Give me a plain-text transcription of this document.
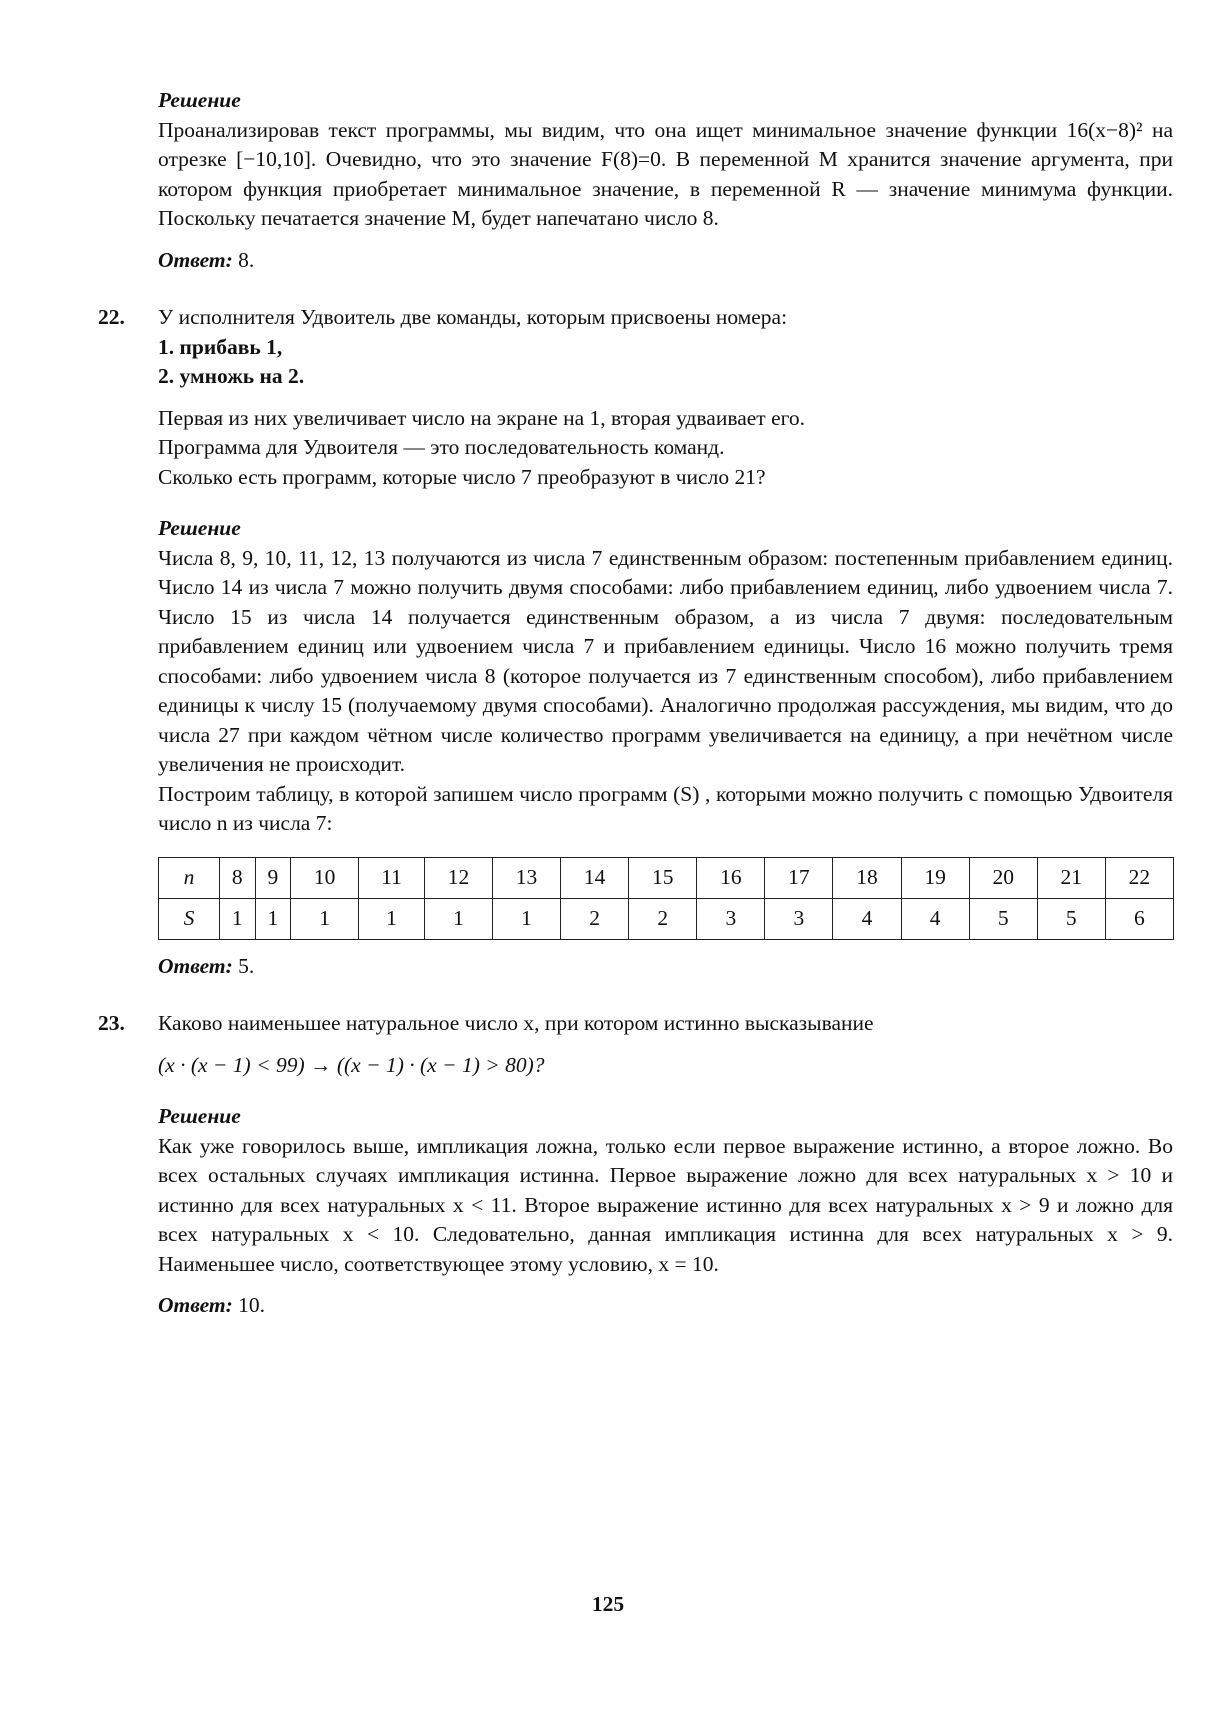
Решение

Проанализировав текст программы, мы видим, что она ищет минимальное значение функции 16(x−8)² на отрезке [−10,10]. Очевидно, что это значение F(8)=0. В переменной M хранится значение аргумента, при котором функция приобретает минимальное значение, в переменной R — значение минимума функции. Поскольку печатается значение M, будет напечатано число 8.

Ответ: 8.

22. У исполнителя Удвоитель две команды, которым присвоены номера:

1. прибавь 1,

2. умножь на 2.

Первая из них увеличивает число на экране на 1, вторая удваивает его.

Программа для Удвоителя — это последовательность команд.

Сколько есть программ, которые число 7 преобразуют в число 21?

Решение

Числа 8, 9, 10, 11, 12, 13 получаются из числа 7 единственным образом: постепенным прибавлением единиц. Число 14 из числа 7 можно получить двумя способами: либо прибавлением единиц, либо удвоением числа 7. Число 15 из числа 14 получается единственным образом, а из числа 7 двумя: последовательным прибавлением единиц или удвоением числа 7 и прибавлением единицы. Число 16 можно получить тремя способами: либо удвоением числа 8 (которое получается из 7 единственным способом), либо прибавлением единицы к числу 15 (получаемому двумя способами). Аналогично продолжая рассуждения, мы видим, что до числа 27 при каждом чётном числе количество программ увеличивается на единицу, а при нечётном числе увеличения не происходит.

Построим таблицу, в которой запишем число программ (S) , которыми можно получить с помощью Удвоителя число n из числа 7:

n	8	9	10	11	12	13	14	15	16	17	18	19	20	21	22
S	1	1	1	1	1	1	2	2	3	3	4	4	5	5	6

Ответ: 5.

23. Каково наименьшее натуральное число x, при котором истинно высказывание

(x · (x − 1) < 99) → ((x − 1) · (x − 1) > 80)?

Решение

Как уже говорилось выше, импликация ложна, только если первое выражение истинно, а второе ложно. Во всех остальных случаях импликация истинна. Первое выражение ложно для всех натуральных x > 10 и истинно для всех натуральных x < 11. Второе выражение истинно для всех натуральных x > 9 и ложно для всех натуральных x < 10. Следовательно, данная импликация истинна для всех натуральных x > 9. Наименьшее число, соответствующее этому условию, x = 10.

Ответ: 10.

125
